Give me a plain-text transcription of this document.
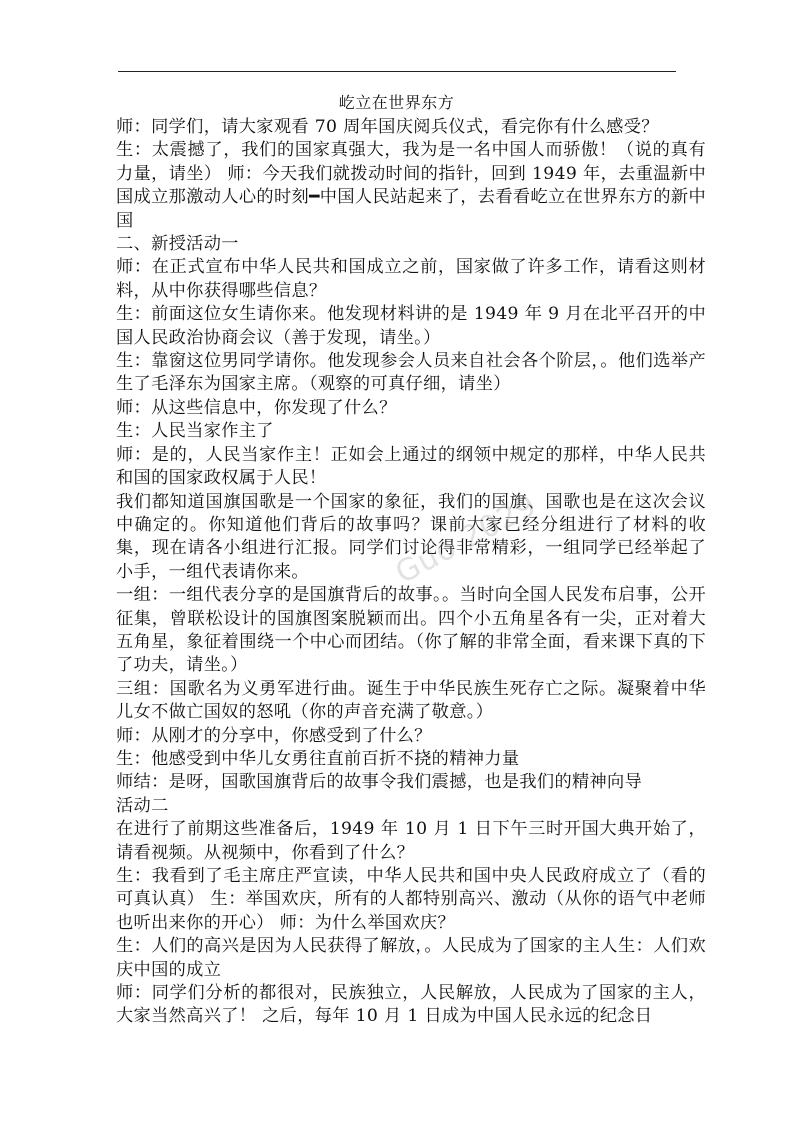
屹立在世界东方

师：同学们，请大家观看 70 周年国庆阅兵仪式，看完你有什么感受？

生：太震撼了，我们的国家真强大，我为是一名中国人而骄傲！（说的真有力量，请坐） 师：今天我们就拨动时间的指针，回到 1949 年，去重温新中国成立那激动人心的时刻━中国人民站起来了，去看看屹立在世界东方的新中国

二、新授活动一

师：在正式宣布中华人民共和国成立之前，国家做了许多工作，请看这则材料，从中你获得哪些信息？

生：前面这位女生请你来。他发现材料讲的是 1949 年 9 月在北平召开的中国人民政治协商会议（善于发现，请坐。）

生：靠窗这位男同学请你。他发现参会人员来自社会各个阶层，。他们选举产生了毛泽东为国家主席。（观察的可真仔细，请坐）

师：从这些信息中，你发现了什么？

生：人民当家作主了

师：是的，人民当家作主！正如会上通过的纲领中规定的那样，中华人民共和国的国家政权属于人民！

我们都知道国旗国歌是一个国家的象征，我们的国旗、国歌也是在这次会议中确定的。你知道他们背后的故事吗？课前大家已经分组进行了材料的收集，现在请各小组进行汇报。同学们讨论得非常精彩，一组同学已经举起了小手，一组代表请你来。

一组：一组代表分享的是国旗背后的故事。。当时向全国人民发布启事，公开征集，曾联松设计的国旗图案脱颖而出。四个小五角星各有一尖，正对着大五角星，象征着围绕一个中心而团结。（你了解的非常全面，看来课下真的下了功夫，请坐。）

三组：国歌名为义勇军进行曲。诞生于中华民族生死存亡之际。凝聚着中华儿女不做亡国奴的怒吼（你的声音充满了敬意。）

师：从刚才的分享中，你感受到了什么？

生：他感受到中华儿女勇往直前百折不挠的精神力量

师结：是呀，国歌国旗背后的故事令我们震撼，也是我们的精神向导

活动二

在进行了前期这些准备后，1949 年 10 月 1 日下午三时开国大典开始了，请看视频。从视频中，你看到了什么？

生：我看到了毛主席庄严宣读，中华人民共和国中央人民政府成立了（看的可真认真） 生：举国欢庆，所有的人都特别高兴、激动（从你的语气中老师也听出来你的开心） 师：为什么举国欢庆？

生：人们的高兴是因为人民获得了解放，。人民成为了国家的主人生：人们欢庆中国的成立

师：同学们分析的都很对，民族独立，人民解放，人民成为了国家的主人，大家当然高兴了！ 之后，每年 10 月 1 日成为中国人民永远的纪念日

Guo 2029
